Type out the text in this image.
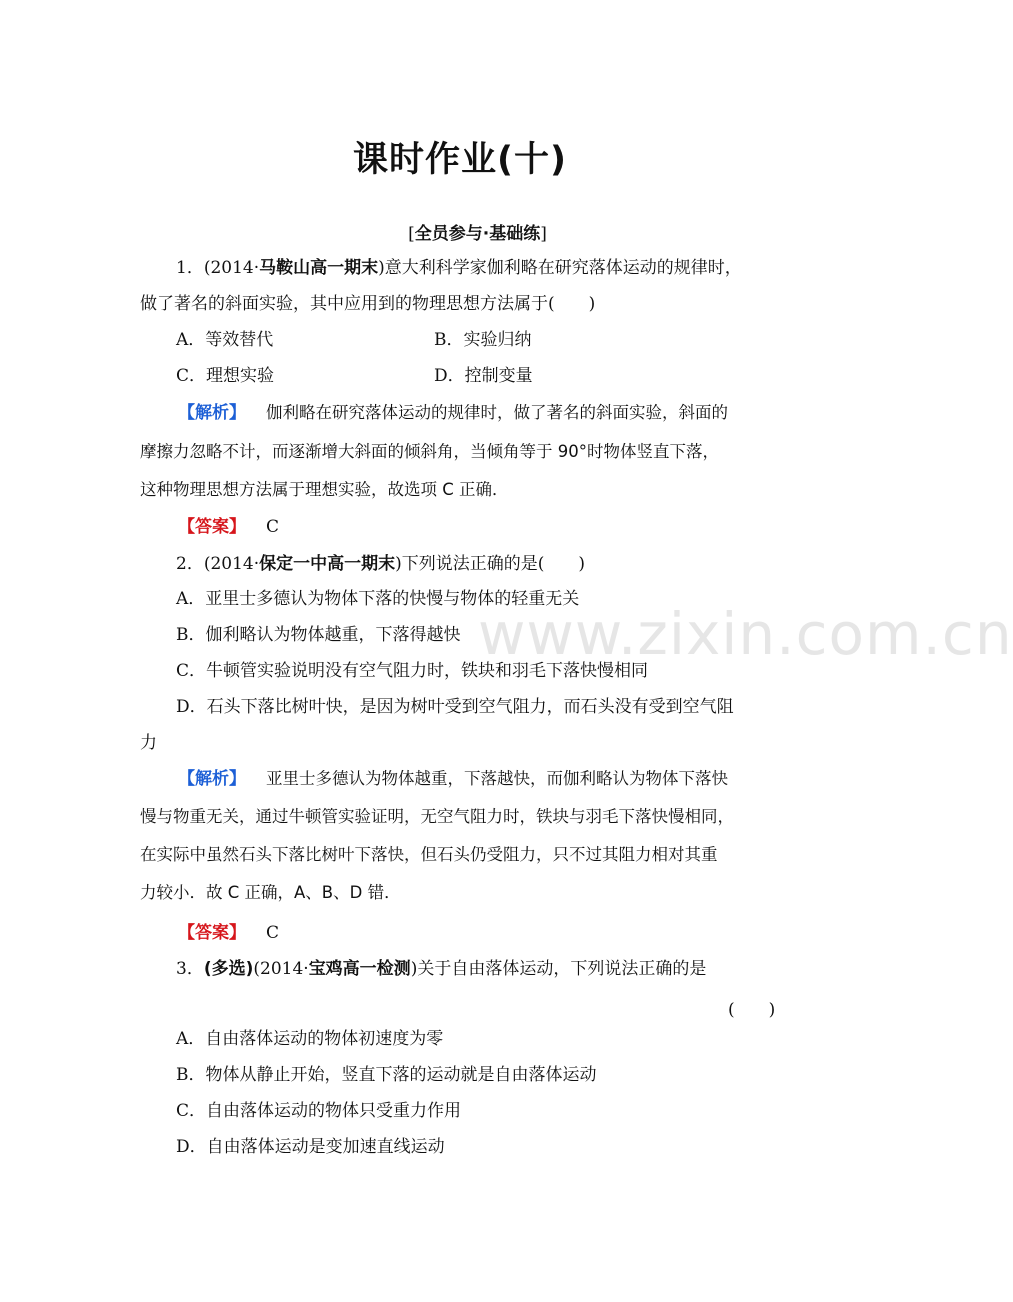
www.zixin.com.cn
课时作业(十)
[全员参与·基础练]
1．(2014·马鞍山高一期末)意大利科学家伽利略在研究落体运动的规律时，
做了著名的斜面实验，其中应用到的物理思想方法属于(　　)
A．等效替代	B．实验归纳
C．理想实验	D．控制变量
【解析】 伽利略在研究落体运动的规律时，做了著名的斜面实验，斜面的
摩擦力忽略不计，而逐渐增大斜面的倾斜角，当倾角等于 90°时物体竖直下落，
这种物理思想方法属于理想实验，故选项 C 正确．
【答案】 C
2．(2014·保定一中高一期末)下列说法正确的是(　　)
A．亚里士多德认为物体下落的快慢与物体的轻重无关
B．伽利略认为物体越重，下落得越快
C．牛顿管实验说明没有空气阻力时，铁块和羽毛下落快慢相同
D．石头下落比树叶快，是因为树叶受到空气阻力，而石头没有受到空气阻
力
【解析】 亚里士多德认为物体越重，下落越快，而伽利略认为物体下落快
慢与物重无关，通过牛顿管实验证明，无空气阻力时，铁块与羽毛下落快慢相同，
在实际中虽然石头下落比树叶下落快，但石头仍受阻力，只不过其阻力相对其重
力较小．故 C 正确，A、B、D 错．
【答案】 C
3．(多选)(2014·宝鸡高一检测)关于自由落体运动，下列说法正确的是
(　　)
A．自由落体运动的物体初速度为零
B．物体从静止开始，竖直下落的运动就是自由落体运动
C．自由落体运动的物体只受重力作用
D．自由落体运动是变加速直线运动
